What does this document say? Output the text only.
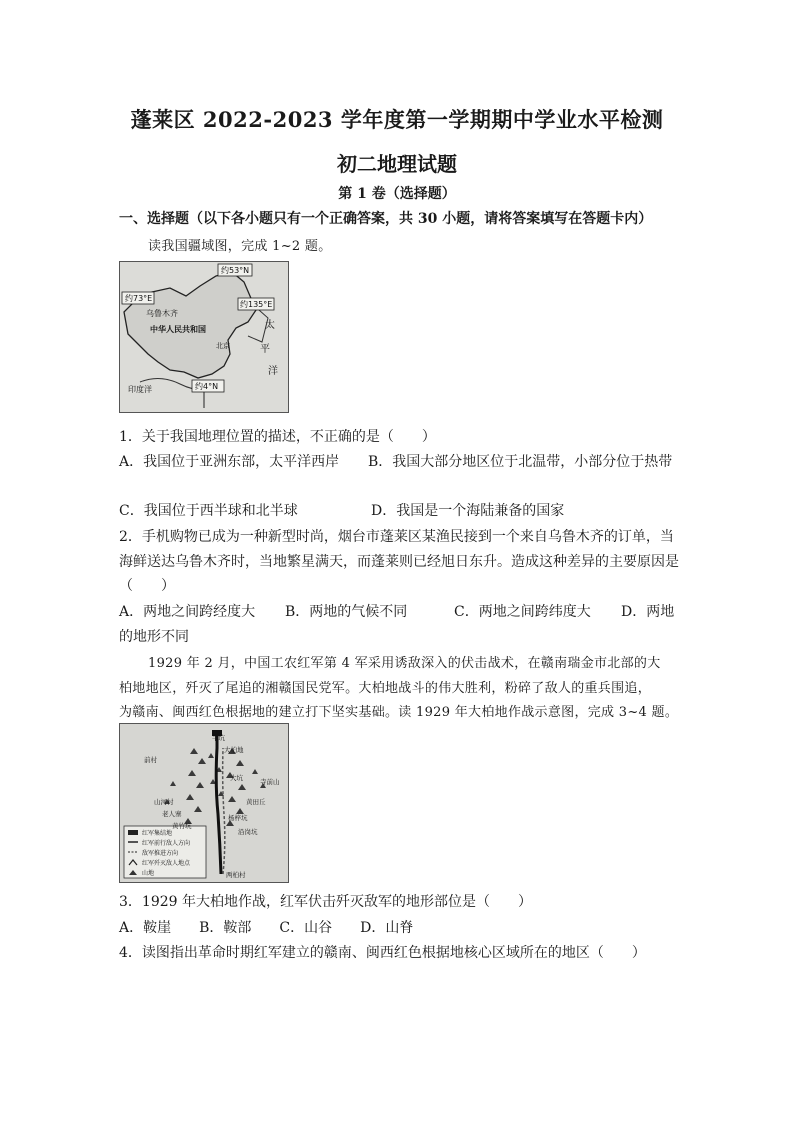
蓬莱区 2022-2023 学年度第一学期期中学业水平检测
初二地理试题
第 1 卷（选择题）
一、选择题（以下各小题只有一个正确答案，共 30 小题，请将答案填写在答题卡内）
读我国疆域图，完成 1~2 题。
约73°E
约53°N
约135°E
乌鲁木齐
中华人民共和国	太
平
洋
印度洋	约4°N
北京
1．关于我国地理位置的描述，不正确的是（　　）
A．我国位于亚洲东部，太平洋西岸 B．我国大部分地区位于北温带，小部分位于热带
C．我国位于西半球和北半球	D．我国是一个海陆兼备的国家
2．手机购物已成为一种新型时尚，烟台市蓬莱区某渔民接到一个来自乌鲁木齐的订单，当
海鲜送达乌鲁木齐时，当地繁星满天，而蓬莱则已经旭日东升。造成这种差异的主要原因是
（　　）
A．两地之间跨经度大 B．两地的气候不同	C．两地之间跨纬度大 D．两地
的地形不同
1929 年 2 月，中国工农红军第 4 军采用诱敌深入的伏击战术，在赣南瑞金市北部的大
柏地地区，歼灭了尾追的湘赣国民党军。大柏地战斗的伟大胜利，粉碎了敌人的重兵围追，
为赣南、闽西红色根据地的建立打下坚实基础。读 1929 年大柏地作战示意图，完成 3~4 题。
半坑
大柏地
前村
大坑	寺前山
黄田丘
山河村
老人寨
黄竹坑
杨梓坑
沿岗坑
两柏村
红军集结地
红军前行敌人方向
敌军推进方向
红军歼灭敌人地点
山地
3．1929 年大柏地作战，红军伏击歼灭敌军的地形部位是（　　）
A．鞍崖　　B．鞍部　　C．山谷　　D．山脊
4．读图指出革命时期红军建立的赣南、闽西红色根据地核心区域所在的地区（　　）
